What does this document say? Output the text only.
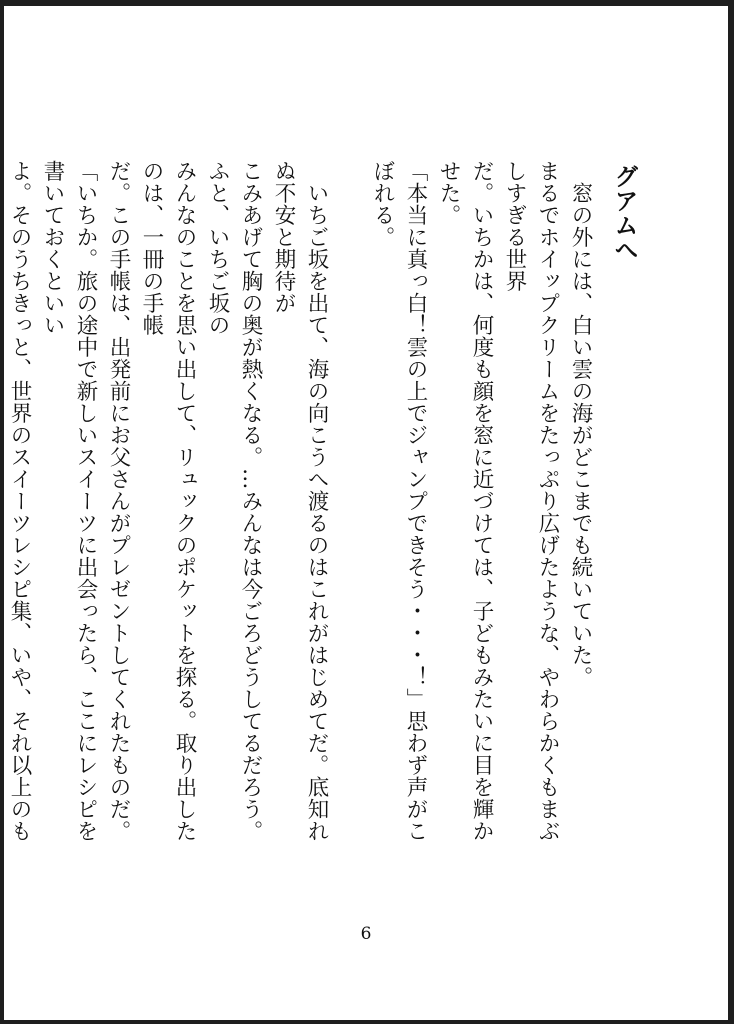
グアムへ

　窓の外には、白い雲の海がどこまでも続いていた。

まるでホイップクリームをたっぷり広げたような、やわらかくもまぶしすぎる世界

だ。いちかは、何度も顔を窓に近づけては、子どもみたいに目を輝かせた。

「本当に真っ白！雲の上でジャンプできそう・・・！」思わず声がこぼれる。

　いちご坂を出て、海の向こうへ渡るのはこれがはじめてだ。底知れぬ不安と期待が

こみあげて胸の奥が熱くなる。…みんなは今ごろどうしてるだろう。ふと、いちご坂の

みんなのことを思い出して、リュックのポケットを探る。取り出したのは、一冊の手帳

だ。この手帳は、出発前にお父さんがプレゼントしてくれたものだ。

「いちか。旅の途中で新しいスイーツに出会ったら、ここにレシピを書いておくといい

よ。そのうちきっと、世界のスイーツレシピ集、いや、それ以上のも

6
